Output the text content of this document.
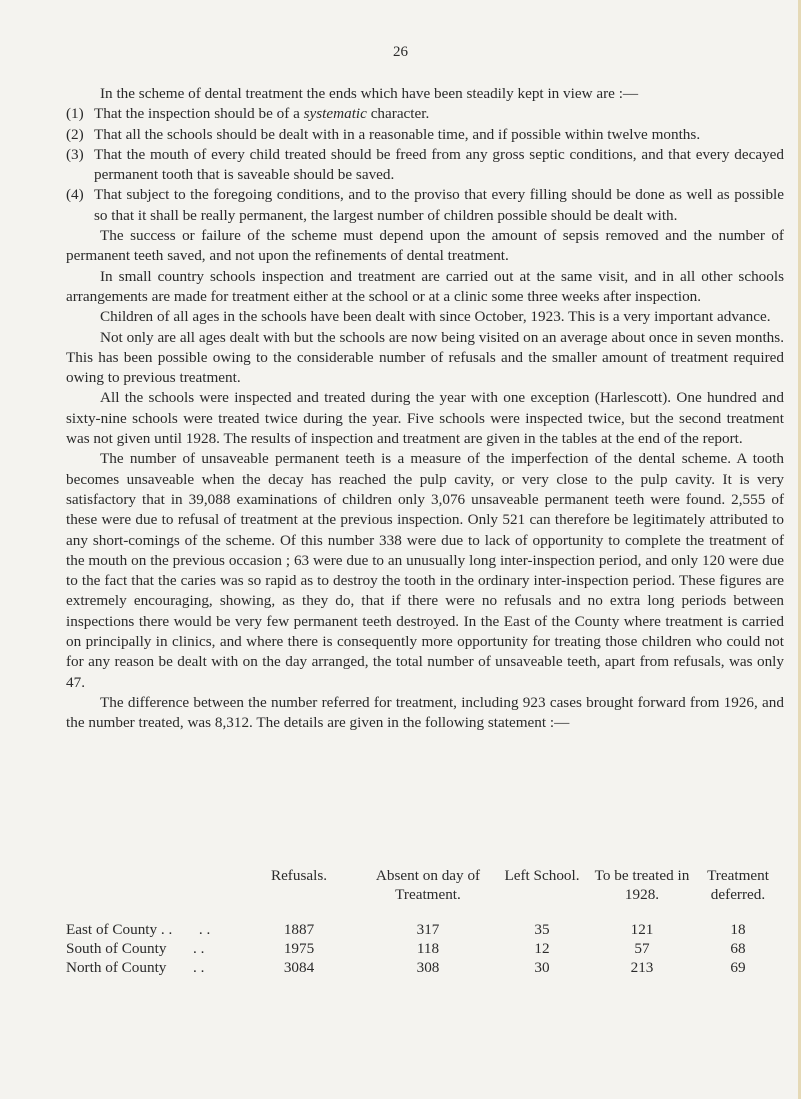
26

In the scheme of dental treatment the ends which have been steadily kept in view are :—

(1) That the inspection should be of a systematic character.
(2) That all the schools should be dealt with in a reasonable time, and if possible within twelve months.
(3) That the mouth of every child treated should be freed from any gross septic conditions, and that every decayed permanent tooth that is saveable should be saved.
(4) That subject to the foregoing conditions, and to the proviso that every filling should be done as well as possible so that it shall be really permanent, the largest number of children possible should be dealt with.

The success or failure of the scheme must depend upon the amount of sepsis removed and the number of permanent teeth saved, and not upon the refinements of dental treatment.

In small country schools inspection and treatment are carried out at the same visit, and in all other schools arrangements are made for treatment either at the school or at a clinic some three weeks after inspection.

Children of all ages in the schools have been dealt with since October, 1923. This is a very important advance.

Not only are all ages dealt with but the schools are now being visited on an average about once in seven months. This has been possible owing to the considerable number of refusals and the smaller amount of treatment required owing to previous treatment.

All the schools were inspected and treated during the year with one exception (Harlescott). One hundred and sixty-nine schools were treated twice during the year. Five schools were inspected twice, but the second treatment was not given until 1928. The results of inspection and treatment are given in the tables at the end of the report.

The number of unsaveable permanent teeth is a measure of the imperfection of the dental scheme. A tooth becomes unsaveable when the decay has reached the pulp cavity, or very close to the pulp cavity. It is very satisfactory that in 39,088 examinations of children only 3,076 unsaveable permanent teeth were found. 2,555 of these were due to refusal of treatment at the previous inspection. Only 521 can therefore be legitimately attributed to any short-comings of the scheme. Of this number 338 were due to lack of opportunity to complete the treatment of the mouth on the previous occasion ; 63 were due to an unusually long inter-inspection period, and only 120 were due to the fact that the caries was so rapid as to destroy the tooth in the ordinary inter-inspection period. These figures are extremely encouraging, showing, as they do, that if there were no refusals and no extra long periods between inspections there would be very few permanent teeth destroyed. In the East of the County where treatment is carried on principally in clinics, and where there is consequently more opportunity for treating those children who could not for any reason be dealt with on the day arranged, the total number of unsaveable teeth, apart from refusals, was only 47.

The difference between the number referred for treatment, including 923 cases brought forward from 1926, and the number treated, was 8,312. The details are given in the following statement :—

	Refusals.	Absent on day of Treatment.	Left School.	To be treated in 1928.	Treatment deferred.

East of County . .       . .	1887	317	35	121	18
South of County       . .	1975	118	12	57	68
North of County       . .	3084	308	30	213	69
